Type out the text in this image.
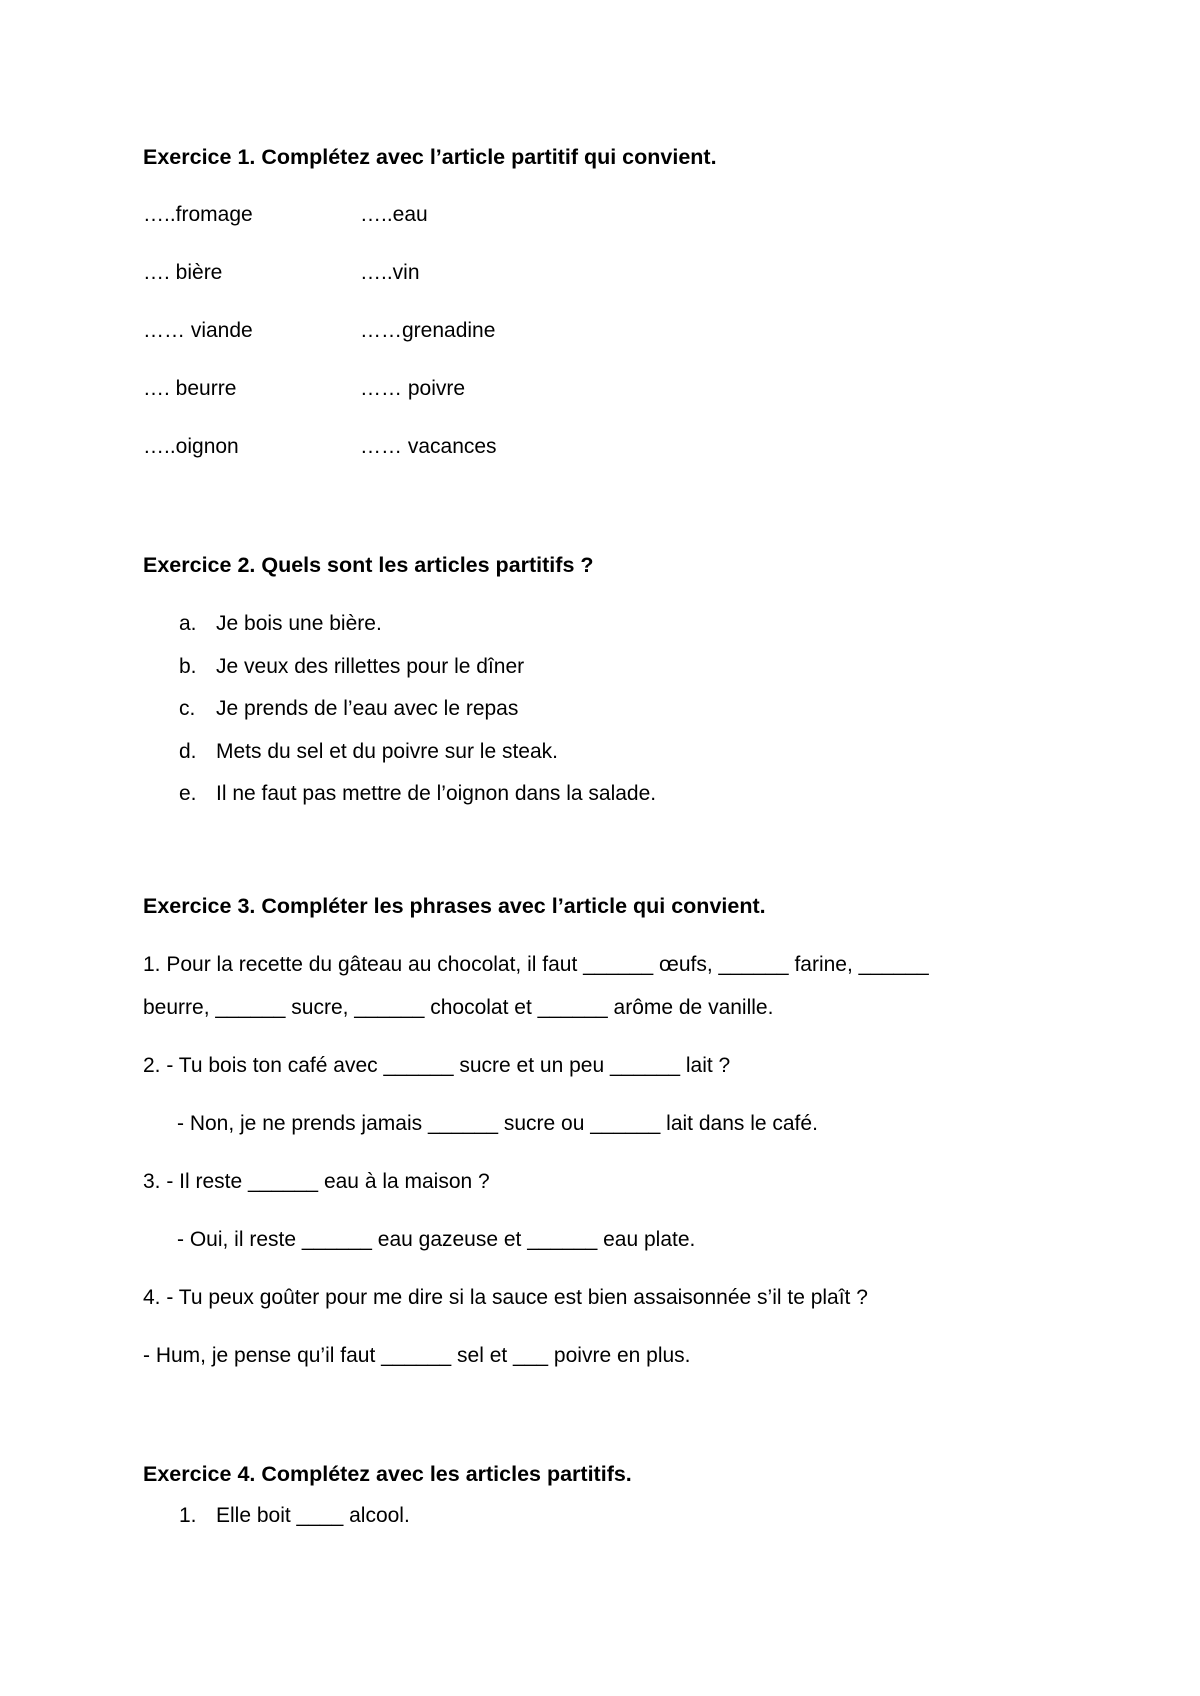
Exercice 1. Complétez avec l’article partitif qui convient.
…..fromage	…..eau
…. bière	…..vin
…… viande	……grenadine
…. beurre	…… poivre
…..oignon	…… vacances
Exercice 2. Quels sont les articles partitifs ?
a. Je bois une bière.
b. Je veux des rillettes pour le dîner
c. Je prends de l’eau avec le repas
d. Mets du sel et du poivre sur le steak.
e. Il ne faut pas mettre de l’oignon dans la salade.
Exercice 3. Compléter les phrases avec l’article qui convient.
1. Pour la recette du gâteau au chocolat, il faut ______ œufs, ______ farine, ______
beurre, ______ sucre, ______ chocolat et ______ arôme de vanille.
2. - Tu bois ton café avec ______ sucre et un peu ______ lait ?
- Non, je ne prends jamais ______ sucre ou ______ lait dans le café.
3. - Il reste ______ eau à la maison ?
- Oui, il reste ______ eau gazeuse et ______ eau plate.
4. - Tu peux goûter pour me dire si la sauce est bien assaisonnée s’il te plaît ?
- Hum, je pense qu’il faut ______ sel et ___ poivre en plus.
Exercice 4. Complétez avec les articles partitifs.
1. Elle boit ____ alcool.
